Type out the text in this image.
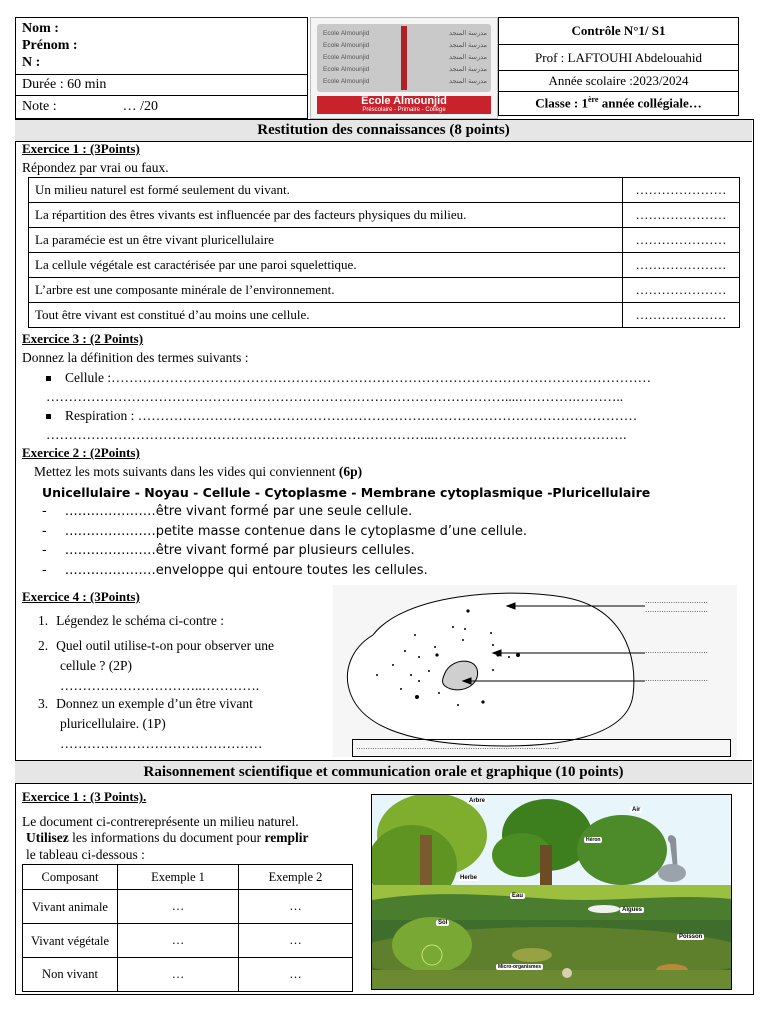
Nom :
Prénom :
N :

Durée : 60 min
Note :	… /20
Ecole Almounjid
Ecole Almounjid
Ecole Almounjid
Ecole Almounjid
Ecole Almounjid
مدرسة المنجد
مدرسة المنجد
مدرسة المنجد
مدرسة المنجد
مدرسة المنجد
Ecole Almounjid
Préscolaire - Primaire - Collège
Contrôle N°1/ S1
Prof : LAFTOUHI Abdelouahid
Année scolaire :2023/2024
Classe : 1ère année collégiale…
Restitution des connaissances (8 points)
Exercice 1 : (3Points)
Répondez par vrai ou faux.
Un milieu naturel est formé seulement du vivant.	…………………
La répartition des êtres vivants est influencée par des facteurs physiques du milieu.	…………………
La paramécie est un être vivant pluricellulaire	…………………
La cellule végétale est caractérisée par une paroi squelettique.	…………………
L’arbre est une composante minérale de l’environnement.	…………………
Tout être vivant est constitué d’au moins une cellule.	…………………
Exercice 3 : (2 Points)
Donnez la définition des termes suivants :
Cellule :…………………………………………………………………………………………………………
…………………………………………………………………………………………....………….………..
Respiration : …………………………………………………………………………………………………
…………………………………………………………………………...…………………………………….
Exercice 2 : (2Points)
Mettez les mots suivants dans les vides qui conviennent (6p)
Unicellulaire - Noyau - Cellule - Cytoplasme - Membrane cytoplasmique -Pluricellulaire
- …………………être vivant formé par une seule cellule.
- …………………petite masse contenue dans le cytoplasme d’une cellule.
- …………………être vivant formé par plusieurs cellules.
- …………………enveloppe qui entoure toutes les cellules.
Exercice 4 : (3Points)
1. Légendez le schéma ci-contre :
2. Quel outil utilise-t-on pour observer une
cellule ? (2P)
…………………………..………….
3. Donnez un exemple d’un être vivant
pluricellulaire. (1P)
………………………………………
………………………
………………………
………………………
………………………
……………………………………………………………………………
Raisonnement scientifique et communication orale et graphique (10 points)
Exercice 1 : (3 Points).
Le document ci-contrereprésente un milieu naturel.
Utilisez les informations du document pour remplir
le tableau ci-dessous :
Composant	Exemple 1	Exemple 2
Vivant animale	…	…
Vivant végétale	…	…
Non vivant	…	…
Arbre
Air
Héron
Herbe
Eau
Algues
Sol
Poisson
Micro-organismes
